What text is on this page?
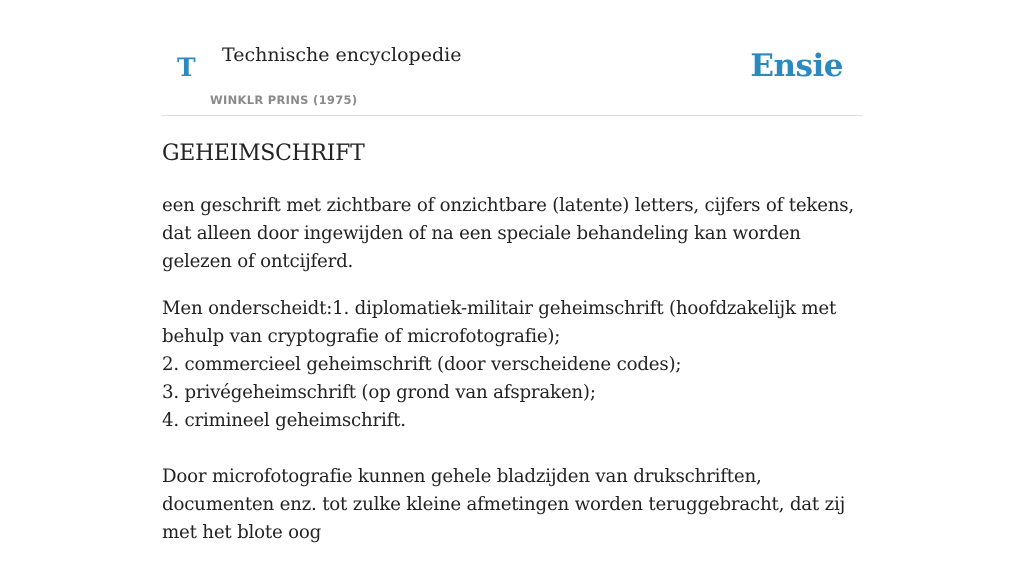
T Technische encyclopedie
WINKLR PRINS (1975)
Ensie
GEHEIMSCHRIFT

een geschrift met zichtbare of onzichtbare (latente) letters, cijfers of tekens, dat alleen door ingewijden of na een speciale behandeling kan worden gelezen of ontcijferd.

Men onderscheidt:1. diplomatiek-militair geheimschrift (hoofdzakelijk met behulp van cryptografie of microfotografie);
2. commercieel geheimschrift (door verscheidene codes);
3. privégeheimschrift (op grond van afspraken);
4. crimineel geheimschrift.

Door microfotografie kunnen gehele bladzijden van drukschriften, documenten enz. tot zulke kleine afmetingen worden teruggebracht, dat zij met het blote oog
